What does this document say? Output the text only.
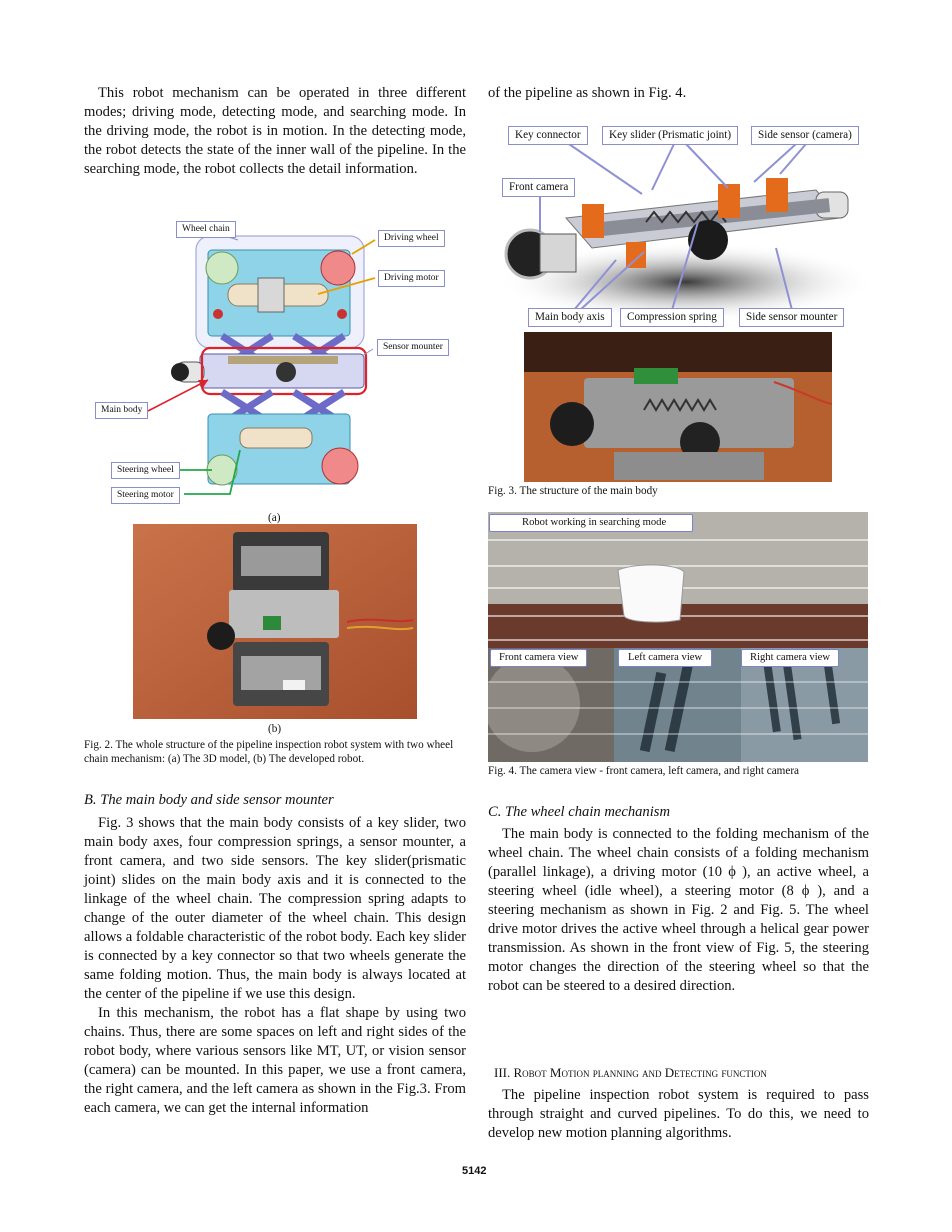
This robot mechanism can be operated in three different modes; driving mode, detecting mode, and searching mode. In the driving mode, the robot is in motion. In the detecting mode, the robot detects the state of the inner wall of the pipeline. In the searching mode, the robot collects the detail information.

Wheel chain
Driving wheel
Driving motor
Sensor mounter
Main body
Steering wheel
Steering motor
(a)
(b)
Fig. 2. The whole structure of the pipeline inspection robot system with two wheel chain mechanism: (a) The 3D model, (b) The developed robot.
B. The main body and side sensor mounter

Fig. 3 shows that the main body consists of a key slider, two main body axes, four compression springs, a sensor mounter, a front camera, and two side sensors. The key slider(prismatic joint) slides on the main body axis and it is connected to the linkage of the wheel chain. The compression spring adapts to change of the outer diameter of the wheel chain. This design allows a foldable characteristic of the robot body. Each key slider is connected by a key connector so that two wheels generate the same folding motion. Thus, the main body is always located at the center of the pipeline if we use this design.

In this mechanism, the robot has a flat shape by using two chains. Thus, there are some spaces on left and right sides of the robot body, where various sensors like MT, UT, or vision sensor (camera) can be mounted. In this paper, we use a front camera, the right camera, and the left camera as shown in the Fig.3. From each camera, we can get the internal information

of the pipeline as shown in Fig. 4.

Key connector	Key slider (Prismatic joint)	Side sensor (camera)
Front camera
Main body axis	Compression spring	Side sensor mounter
Fig. 3. The structure of the main body
Robot working in searching mode
Front camera view	Left camera view	Right camera view
Fig. 4. The camera view - front camera, left camera, and right camera
C. The wheel chain mechanism

The main body is connected to the folding mechanism of the wheel chain. The wheel chain consists of a folding mechanism (parallel linkage), a driving motor (10 ϕ ), an active wheel, a steering wheel (idle wheel), a steering motor (8 ϕ ), and a steering mechanism as shown in Fig. 2 and Fig. 5. The wheel drive motor drives the active wheel through a helical gear power transmission. As shown in the front view of Fig. 5, the steering motor changes the direction of the steering wheel so that the robot can be steered to a desired direction.

III. Robot Motion planning and Detecting function

The pipeline inspection robot system is required to pass through straight and curved pipelines. To do this, we need to develop new motion planning algorithms.

5142
